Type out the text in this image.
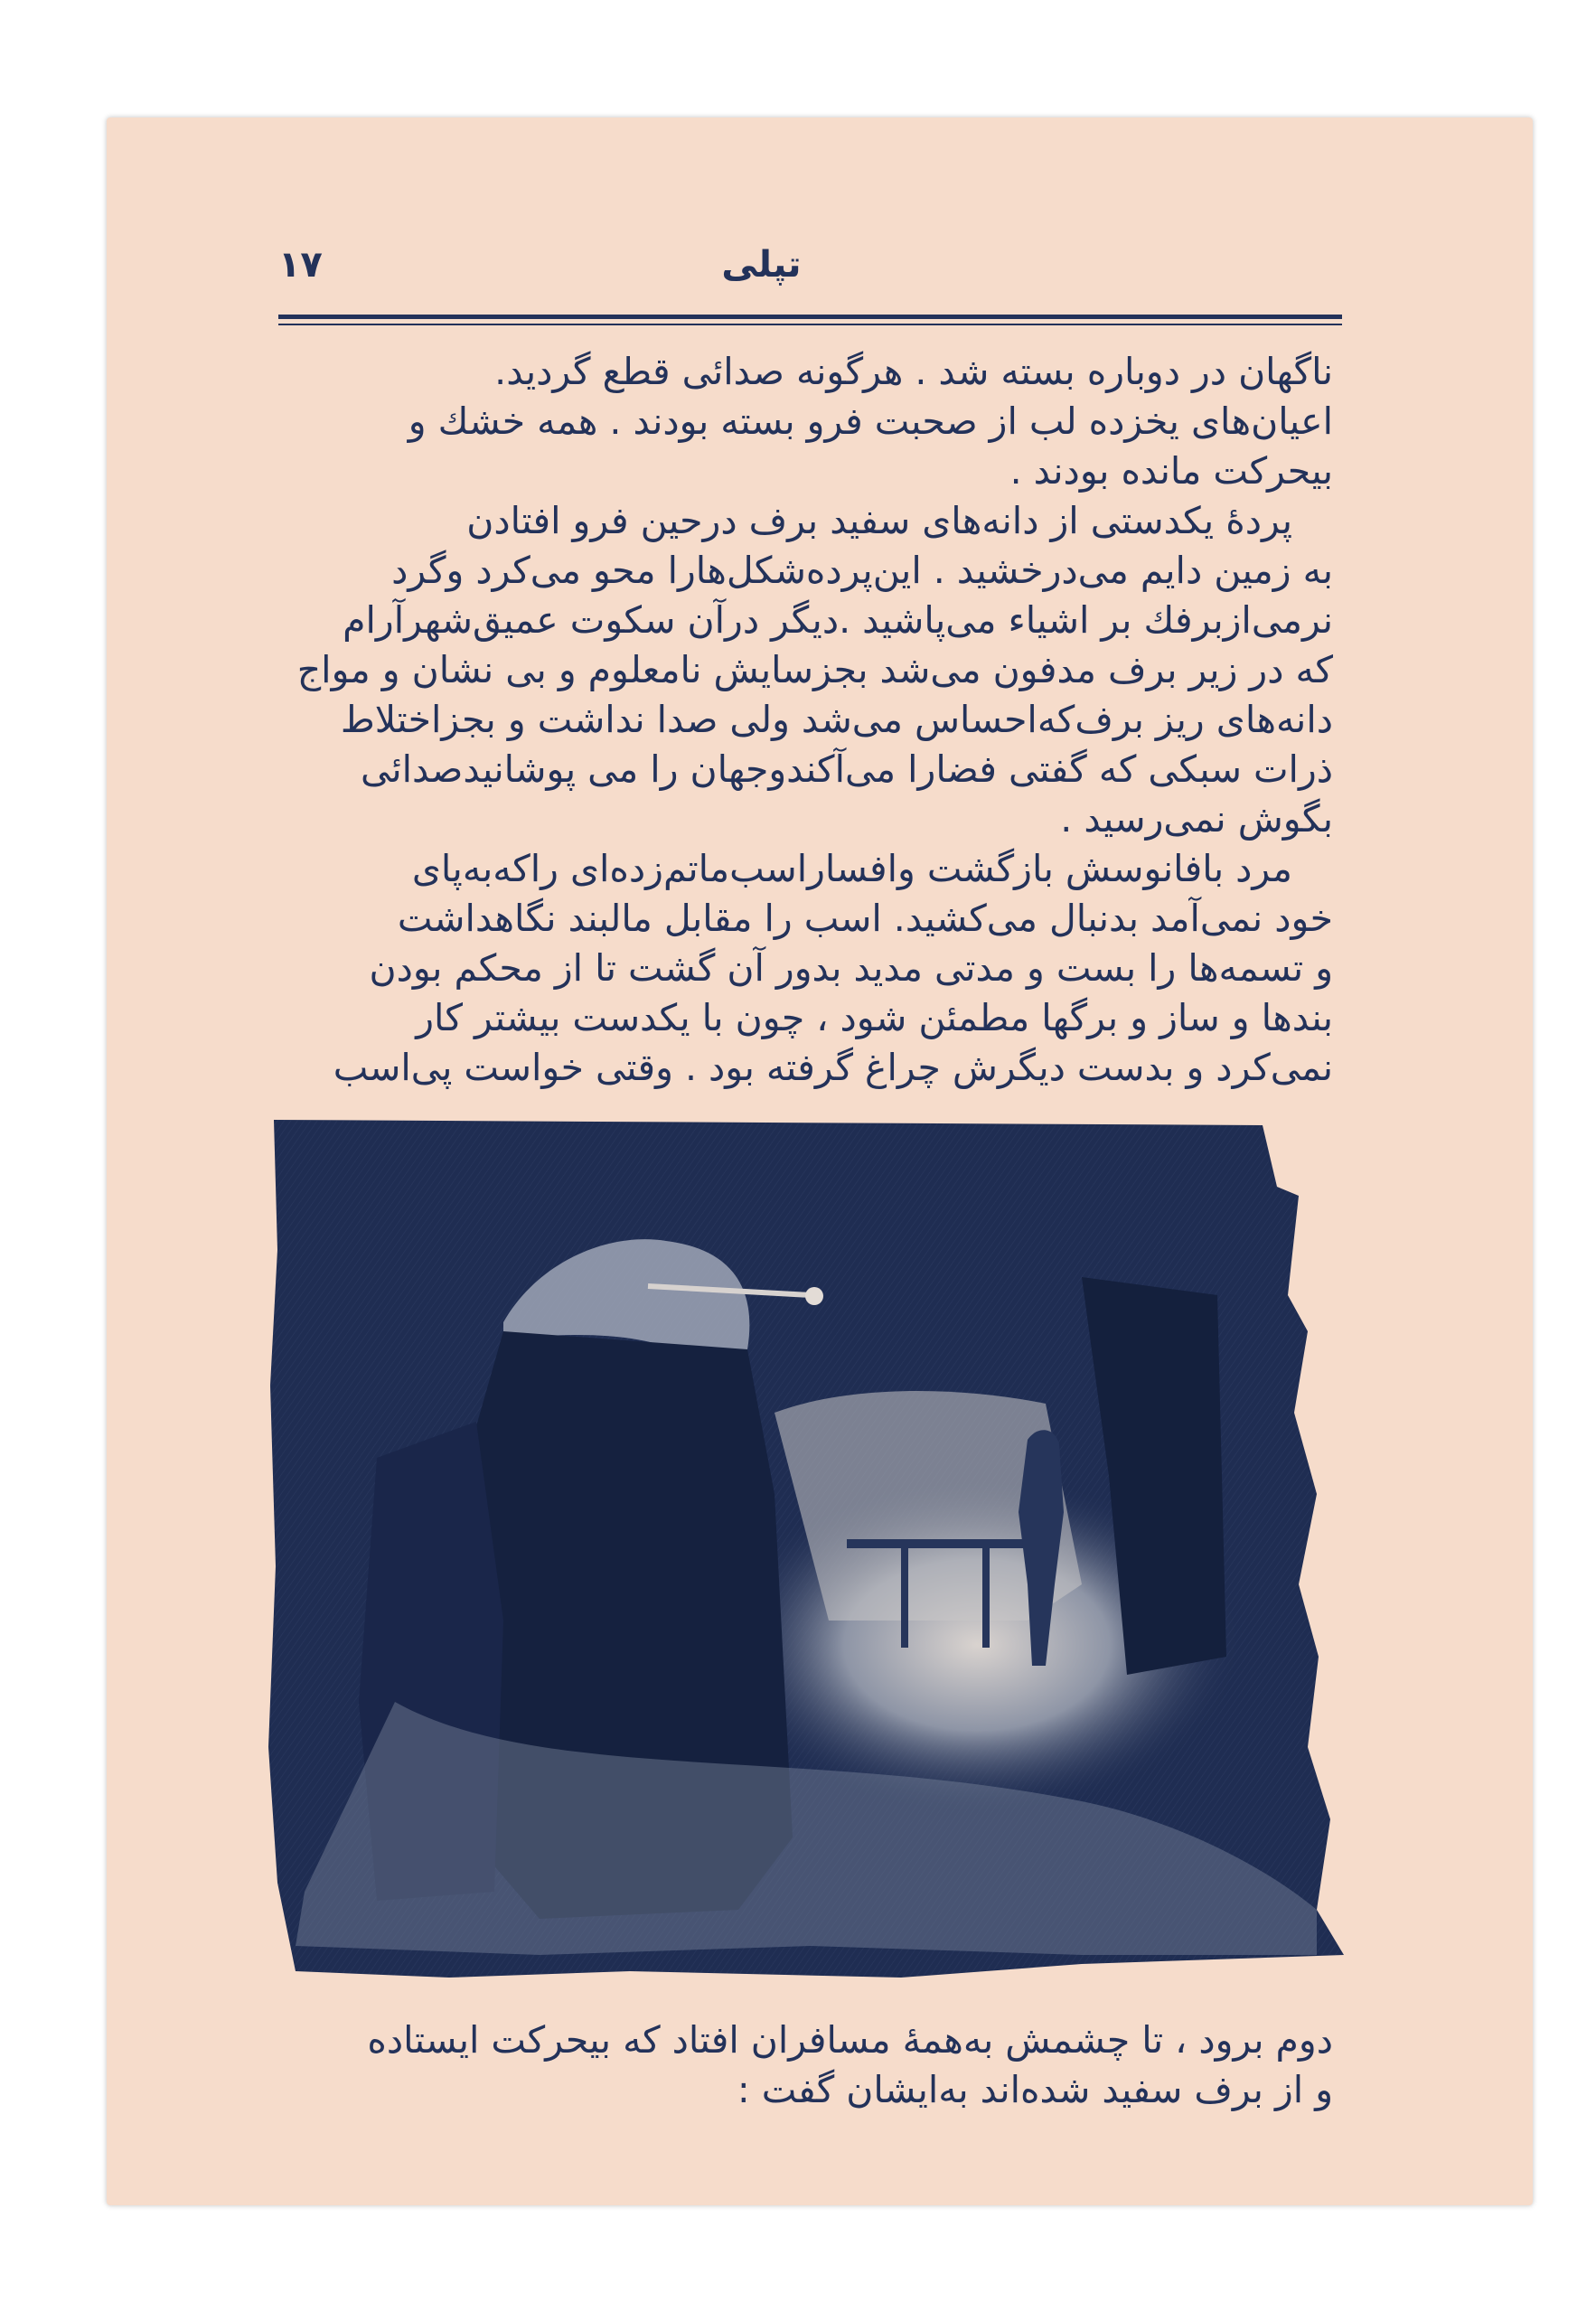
۱۷	تپلی

ناگهان در دوباره بسته شد . هرگونه صدائی قطع گردید.

اعیان‌های یخزده لب از صحبت فرو بسته بودند . همه خشك و

بیحرکت مانده بودند .

پردهٔ یکدستی از دانه‌های سفید برف درحین فرو افتادن

به زمین دایم می‌درخشید . این‌پرده‌شکل‌هارا محو می‌کرد وگرد

نرمی‌ازبرفك بر اشیاء می‌پاشید .دیگر درآن سکوت عمیق‌شهرآرام

که در زیر برف مدفون می‌شد بجزسایش نامعلوم و بی نشان و مواج

دانه‌های ریز برف‌که‌احساس می‌شد ولی صدا نداشت و بجزاختلاط

ذرات سبکی که گفتی فضارا می‌آکندوجهان را می پوشانیدصدائی

بگوش نمی‌رسید .

مرد بافانوسش بازگشت وافساراسب‌ماتم‌زده‌ای راکه‌به‌پای

خود نمی‌آمد بدنبال می‌کشید. اسب را مقابل مالبند نگاهداشت

و تسمه‌ها را بست و مدتی مدید بدور آن گشت تا از محکم بودن

بندها و ساز و برگها مطمئن شود ، چون با یکدست بیشتر کار

نمی‌کرد و بدست دیگرش چراغ گرفته بود . وقتی خواست پی‌اسب

دوم برود ، تا چشمش به‌همهٔ مسافران افتاد که بیحرکت ایستاده

و از برف سفید شده‌اند به‌ایشان گفت :
